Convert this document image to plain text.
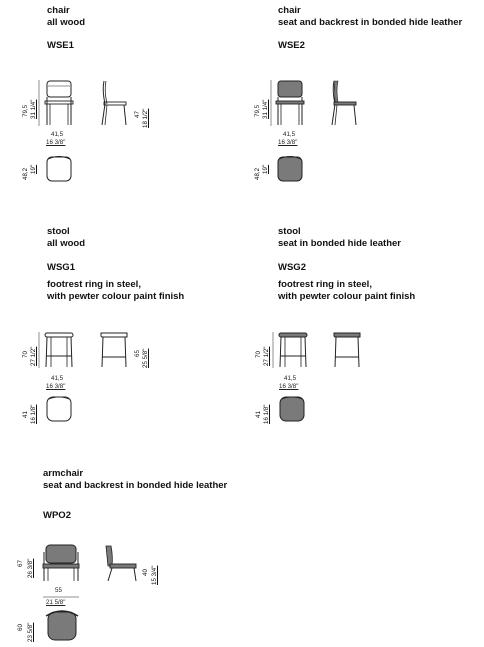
chair
all wood
WSE1
79,5 31 1/4"	47 18 1/2"
41,5
16 3/8"
48,2 19"
chair
seat and backrest in bonded hide leather
WSE2
79,5 31 1/4"
41,5
16 3/8"
48,2 19"
stool
all wood
WSG1
footrest ring in steel,
with pewter colour paint finish
70 27 1/2"	65 25 5/8"
41,5
16 3/8"
41 16 1/8"
stool
seat in bonded hide leather
WSG2
footrest ring in steel,
with pewter colour paint finish
70 27 1/2"
41,5
16 3/8"
41 16 1/8"
armchair
seat and backrest in bonded hide leather
WPO2
67 26 3/8"	40 15 3/4"
55
21 5/8"
60 23 5/8"
